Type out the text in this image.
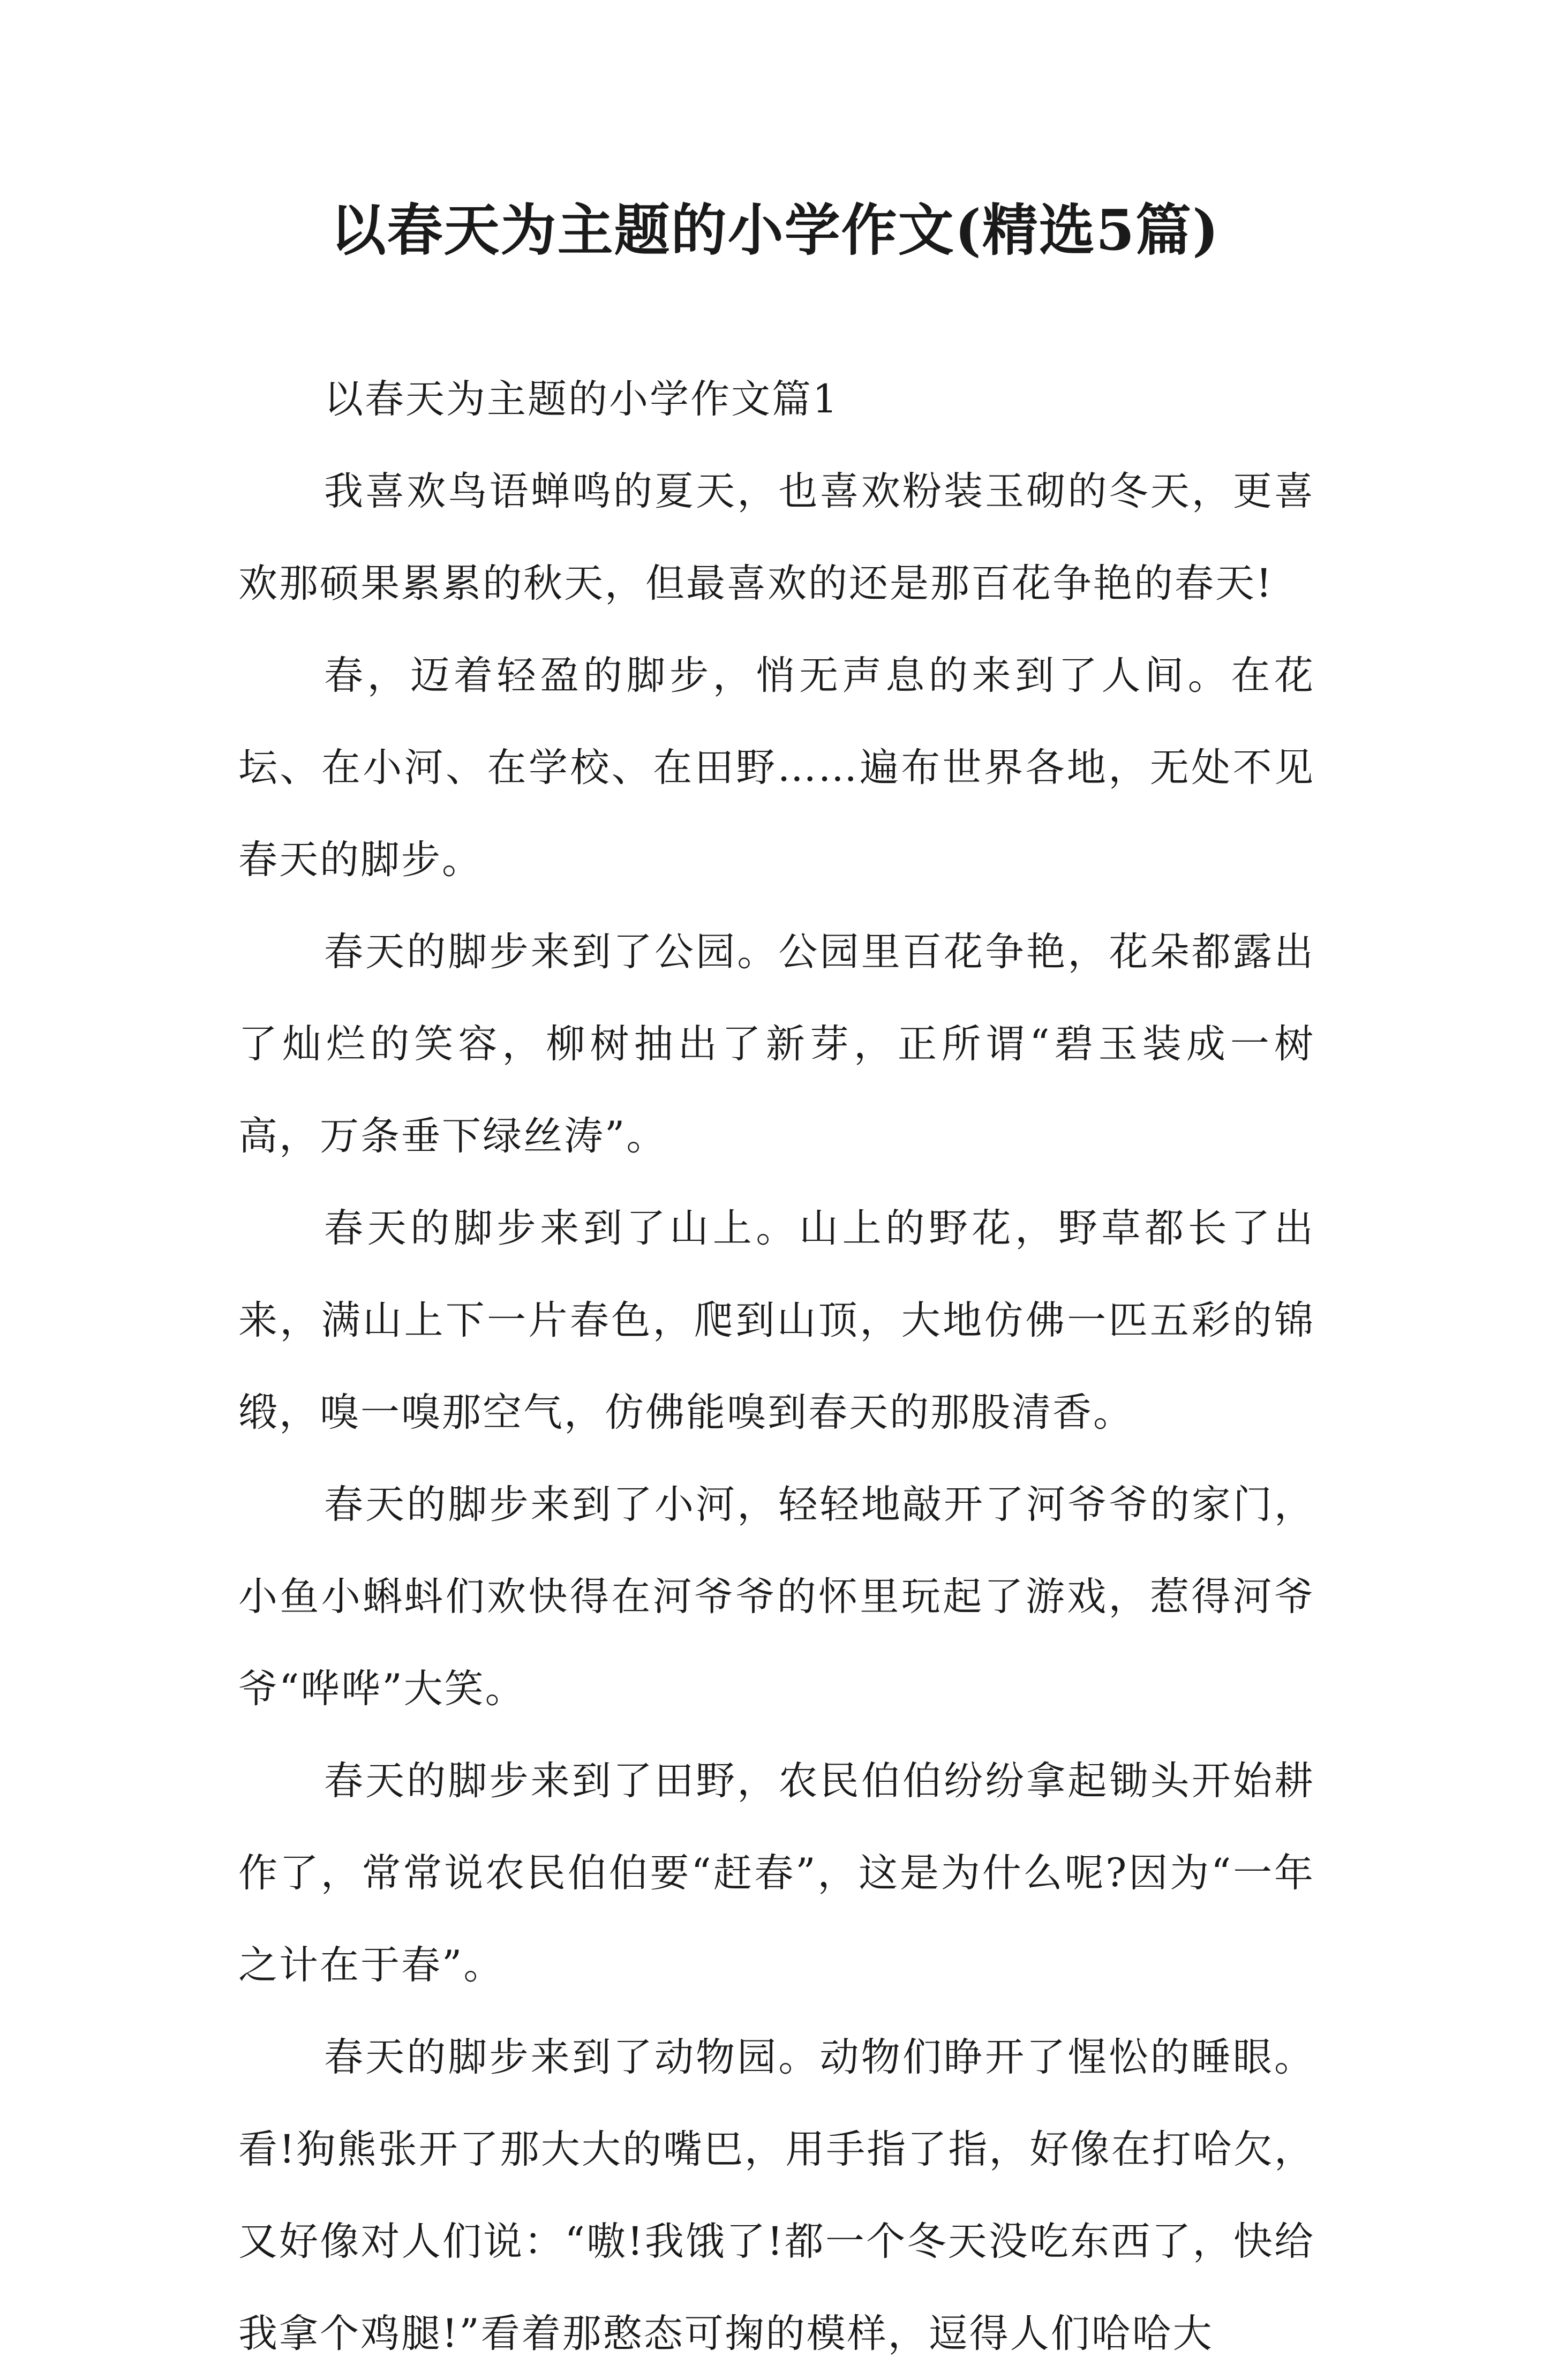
以春天为主题的小学作文(精选5篇)

以春天为主题的小学作文篇1

我喜欢鸟语蝉鸣的夏天，也喜欢粉装玉砌的冬天，更喜欢那硕果累累的秋天，但最喜欢的还是那百花争艳的春天!

春，迈着轻盈的脚步，悄无声息的来到了人间。在花坛、在小河、在学校、在田野……遍布世界各地，无处不见春天的脚步。

春天的脚步来到了公园。公园里百花争艳，花朵都露出了灿烂的笑容，柳树抽出了新芽，正所谓“碧玉装成一树高，万条垂下绿丝涛”。

春天的脚步来到了山上。山上的野花，野草都长了出来，满山上下一片春色，爬到山顶，大地仿佛一匹五彩的锦缎，嗅一嗅那空气，仿佛能嗅到春天的那股清香。

春天的脚步来到了小河，轻轻地敲开了河爷爷的家门，小鱼小蝌蚪们欢快得在河爷爷的怀里玩起了游戏，惹得河爷爷“哗哗”大笑。

春天的脚步来到了田野，农民伯伯纷纷拿起锄头开始耕作了，常常说农民伯伯要“赶春”，这是为什么呢?因为“一年之计在于春”。

春天的脚步来到了动物园。动物们睁开了惺忪的睡眼。看!狗熊张开了那大大的嘴巴，用手指了指，好像在打哈欠，又好像对人们说：“嗷!我饿了!都一个冬天没吃东西了，快给我拿个鸡腿!”看着那憨态可掬的模样，逗得人们哈哈大
